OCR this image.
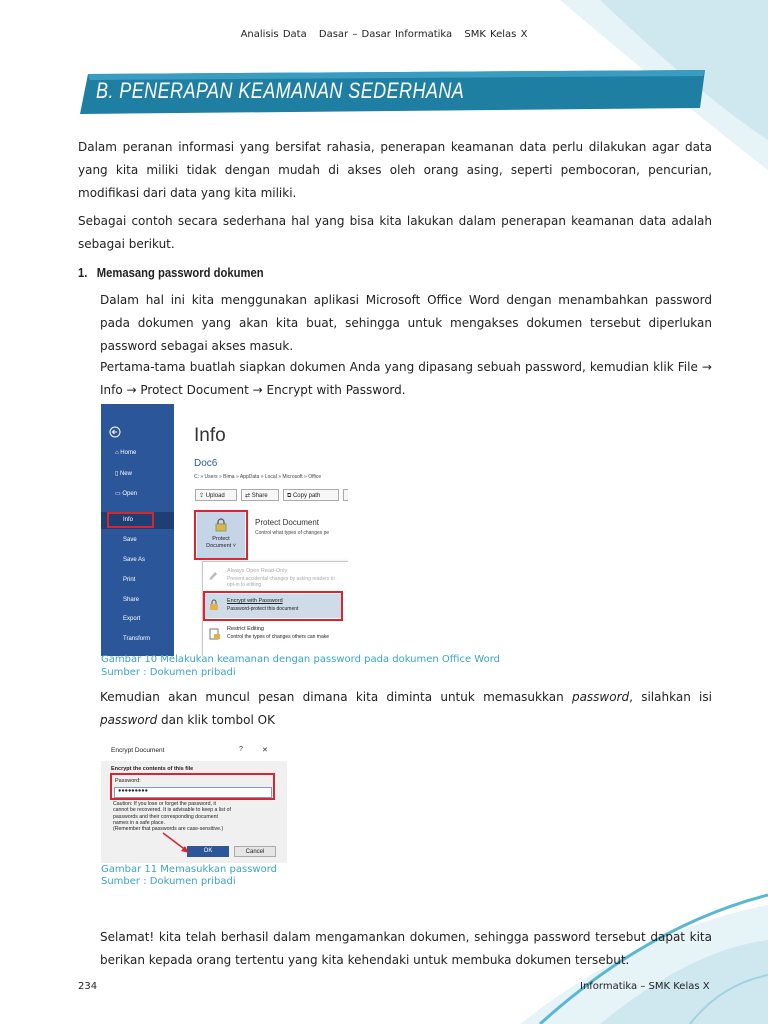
Analisis Data Dasar – Dasar Informatika SMK Kelas X
B. PENERAPAN KEAMANAN SEDERHANA
Dalam peranan informasi yang bersifat rahasia, penerapan keamanan data perlu dilakukan agar data yang kita miliki tidak dengan mudah di akses oleh orang asing, seperti pembocoran, pencurian, modifikasi dari data yang kita miliki.
Sebagai contoh secara sederhana hal yang bisa kita lakukan dalam penerapan keamanan data adalah sebagai berikut.
1.   Memasang password dokumen
Dalam hal ini kita menggunakan aplikasi Microsoft Office Word dengan menambahkan password pada dokumen yang akan kita buat, sehingga untuk mengakses dokumen tersebut diperlukan password sebagai akses masuk.
Pertama-tama buatlah siapkan dokumen Anda yang dipasang sebuah password, kemudian klik File → Info → Protect Document → Encrypt with Password.
⌂ Home
▯ New
▭ Open
Info
Save
Save As
Print
Share
Export
Transform
Info
Doc6
C: » Users » Bima » AppData » Local » Microsoft » Office
⇪ Upload	⇄ Share	⧉ Copy path
Protect
Document ˅
Protect Document
Control what types of changes pe
Always Open Read-Only
Prevent accidental changes by asking readers to opt-in to editing.
Encrypt with Password
Password-protect this document
Restrict Editing
Control the types of changes others can make
Gambar 10 Melakukan keamanan dengan password pada dokumen Office Word
Sumber : Dokumen pribadi
Kemudian akan muncul pesan dimana kita diminta untuk memasukkan password, silahkan isi password dan klik tombol OK
Encrypt Document	?	✕
Encrypt the contents of this file
Password:
●●●●●●●●●
Caution: If you lose or forget the password, it
cannot be recovered. It is advisable to keep a list of
passwords and their corresponding document
names in a safe place.
(Remember that passwords are case-sensitive.)
OK	Cancel
Gambar 11 Memasukkan password
Sumber : Dokumen pribadi
Selamat! kita telah berhasil dalam mengamankan dokumen, sehingga password tersebut dapat kita berikan kepada orang tertentu yang kita kehendaki untuk membuka dokumen tersebut.
234	Informatika – SMK Kelas X
